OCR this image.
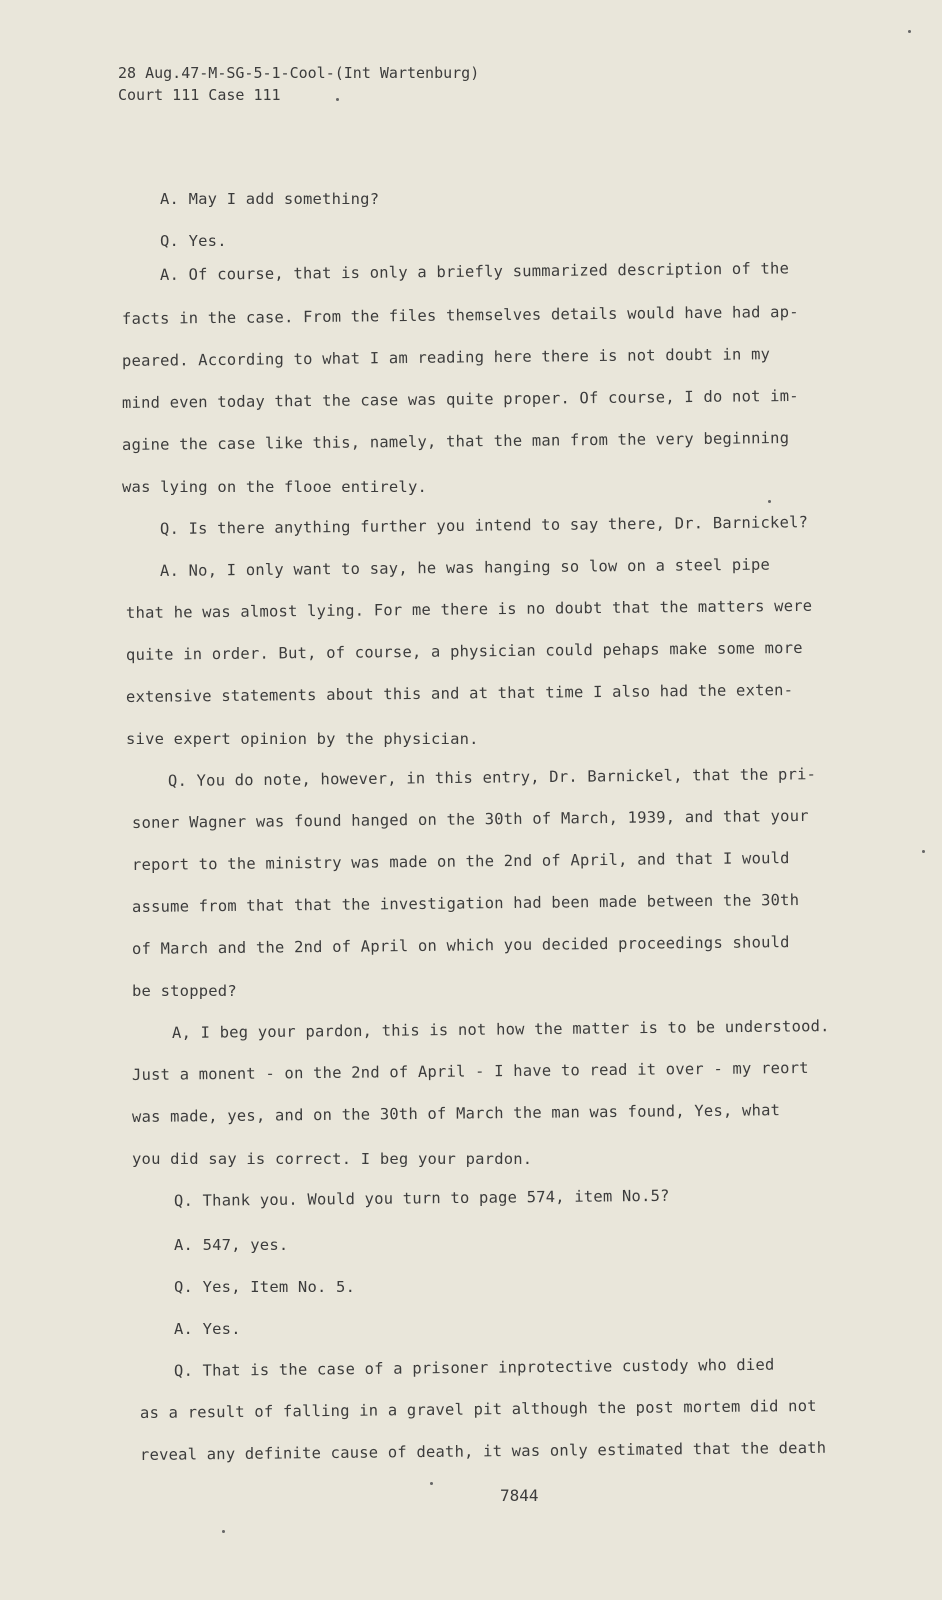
28 Aug.47-M-SG-5-1-Cool-(Int Wartenburg)
Court 111 Case 111
A. May I add something?
Q. Yes.
A. Of course, that is only a briefly summarized description of the
facts in the case. From the files themselves details would have had ap-
peared. According to what I am reading here there is not doubt in my
mind even today that the case was quite proper. Of course, I do not im-
agine the case like this, namely, that the man from the very beginning
was lying on the flooe entirely.
Q. Is there anything further you intend to say there, Dr. Barnickel?
A. No, I only want to say, he was hanging so low on a steel pipe
that he was almost lying. For me there is no doubt that the matters were
quite in order. But, of course, a physician could pehaps make some more
extensive statements about this and at that time I also had the exten-
sive expert opinion by the physician.
Q. You do note, however, in this entry, Dr. Barnickel, that the pri-
soner Wagner was found hanged on the 30th of March, 1939, and that your
report to the ministry was made on the 2nd of April, and that I would
assume from that that the investigation had been made between the 30th
of March and the 2nd of April on which you decided proceedings should
be stopped?
A, I beg your pardon, this is not how the matter is to be understood.
Just a monent - on the 2nd of April - I have to read it over - my reort
was made, yes, and on the 30th of March the man was found, Yes, what
you did say is correct. I beg your pardon.
Q. Thank you. Would you turn to page 574, item No.5?
A. 547, yes.
Q. Yes, Item No. 5.
A. Yes.
Q. That is the case of a prisoner inprotective custody who died
as a result of falling in a gravel pit although the post mortem did not
reveal any definite cause of death, it was only estimated that the death
7844
